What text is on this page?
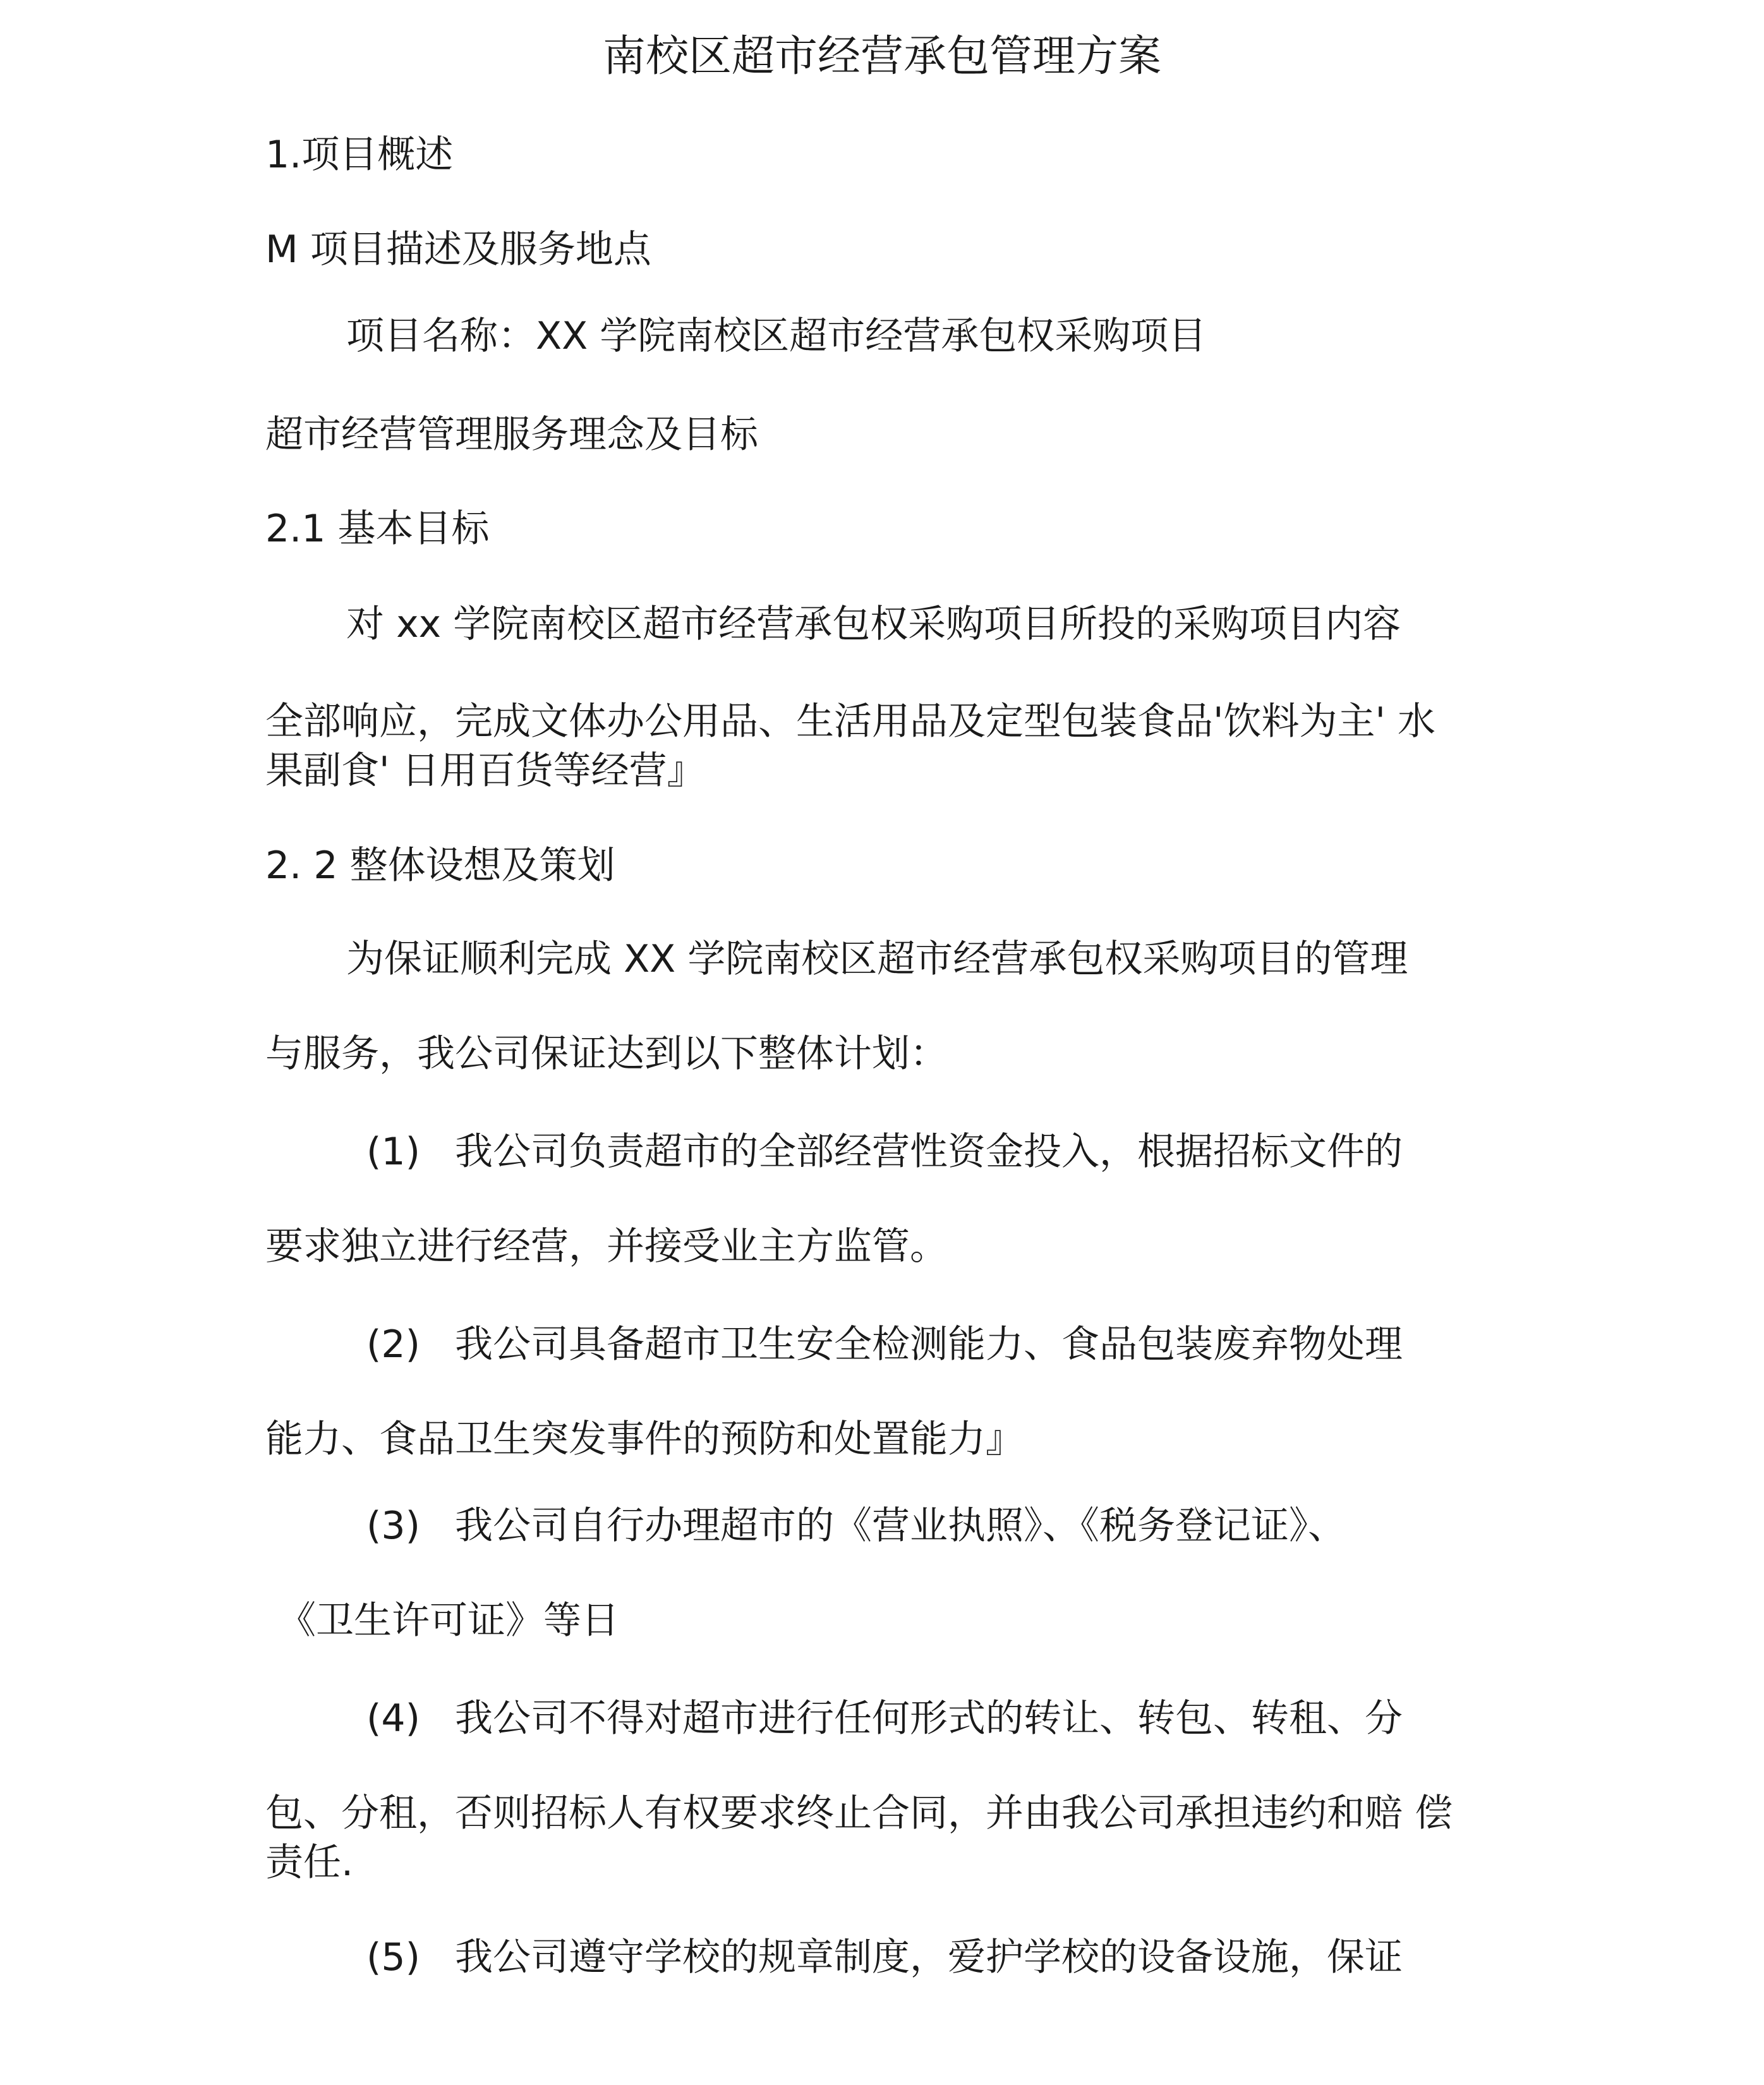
南校区超市经营承包管理方案

1.项目概述

M 项目描述及服务地点

项目名称：XX 学院南校区超市经营承包权采购项目

超市经营管理服务理念及目标

2.1 基本目标

对 xx 学院南校区超市经营承包权采购项目所投的采购项目内容

全部响应，完成文体办公用品、生活用品及定型包装食品'饮料为主' 水

果副食' 日用百货等经营』

2. 2 整体设想及策划

为保证顺利完成 XX 学院南校区超市经营承包权采购项目的管理

与服务，我公司保证达到以下整体计划：

(1) 我公司负责超市的全部经营性资金投入，根据招标文件的

要求独立进行经营，并接受业主方监管。

(2) 我公司具备超市卫生安全检测能力、食品包装废弃物处理

能力、食品卫生突发事件的预防和处置能力』

(3) 我公司自行办理超市的《营业执照》、《税务登记证》、

《卫生许可证》等日

(4) 我公司不得对超市进行任何形式的转让、转包、转租、分

包、分租，否则招标人有权要求终止合同，并由我公司承担违约和赔 偿

责任.

(5) 我公司遵守学校的规章制度，爱护学校的设备设施，保证
